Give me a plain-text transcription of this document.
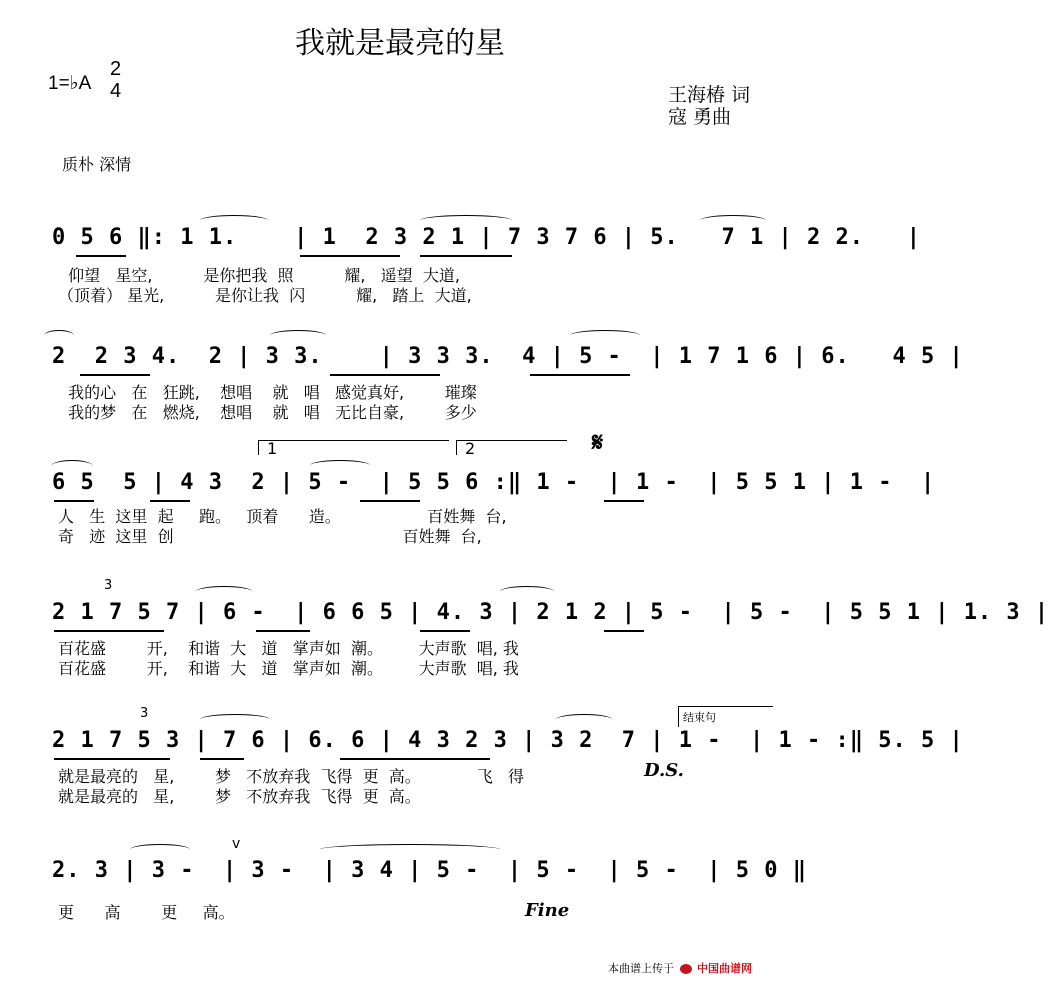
我就是最亮的星
1=♭A
2
4	王海椿 词
寇 勇曲
质朴 深情
0 5 6 ‖: 1 1.    | 1  2 3 2 1 | 7 3 7 6 | 5.   7 1 | 2 2.   |
仰望   星空,          是你把我  照          耀,   遥望  大道,
（顶着） 星光,          是你让我  闪          耀,   踏上  大道,
2  2 3 4.  2 | 3 3.    | 3 3 3.  4 | 5 -  | 1 7 1 6 | 6.   4 5 |
我的心   在   狂跳,    想唱    就   唱   感觉真好,        璀璨
我的梦   在   燃烧,    想唱    就   唱   无比自豪,        多少
1	2	𝄋
6 5  5 | 4 3  2 | 5 -  | 5 5 6 :‖ 1 -  | 1 -  | 5 5 1 | 1 -  |
人   生  这里  起     跑。   顶着      造。                 百姓舞  台,
奇   迹  这里  创                                             百姓舞  台,
3
2 1 7 5 7 | 6 -  | 6 6 5 | 4. 3 | 2 1 2 | 5 -  | 5 -  | 5 5 1 | 1. 3 |
百花盛        开,    和谐  大   道   掌声如  潮。       大声歌  唱, 我
百花盛        开,    和谐  大   道   掌声如  潮。       大声歌  唱, 我
3	结束句
2 1 7 5 3 | 7 6 | 6. 6 | 4 3 2 3 | 3 2  7 | 1 -  | 1 - :‖ 5. 5 |
D.S.
就是最亮的   星,        梦   不放弃我  飞得  更  高。           飞   得
就是最亮的   星,        梦   不放弃我  飞得  更  高。
v
2. 3 | 3 -  | 3 -  | 3 4 | 5 -  | 5 -  | 5 -  | 5 0 ‖
更      高        更     高。	Fine
本曲谱上传于 中国曲谱网
